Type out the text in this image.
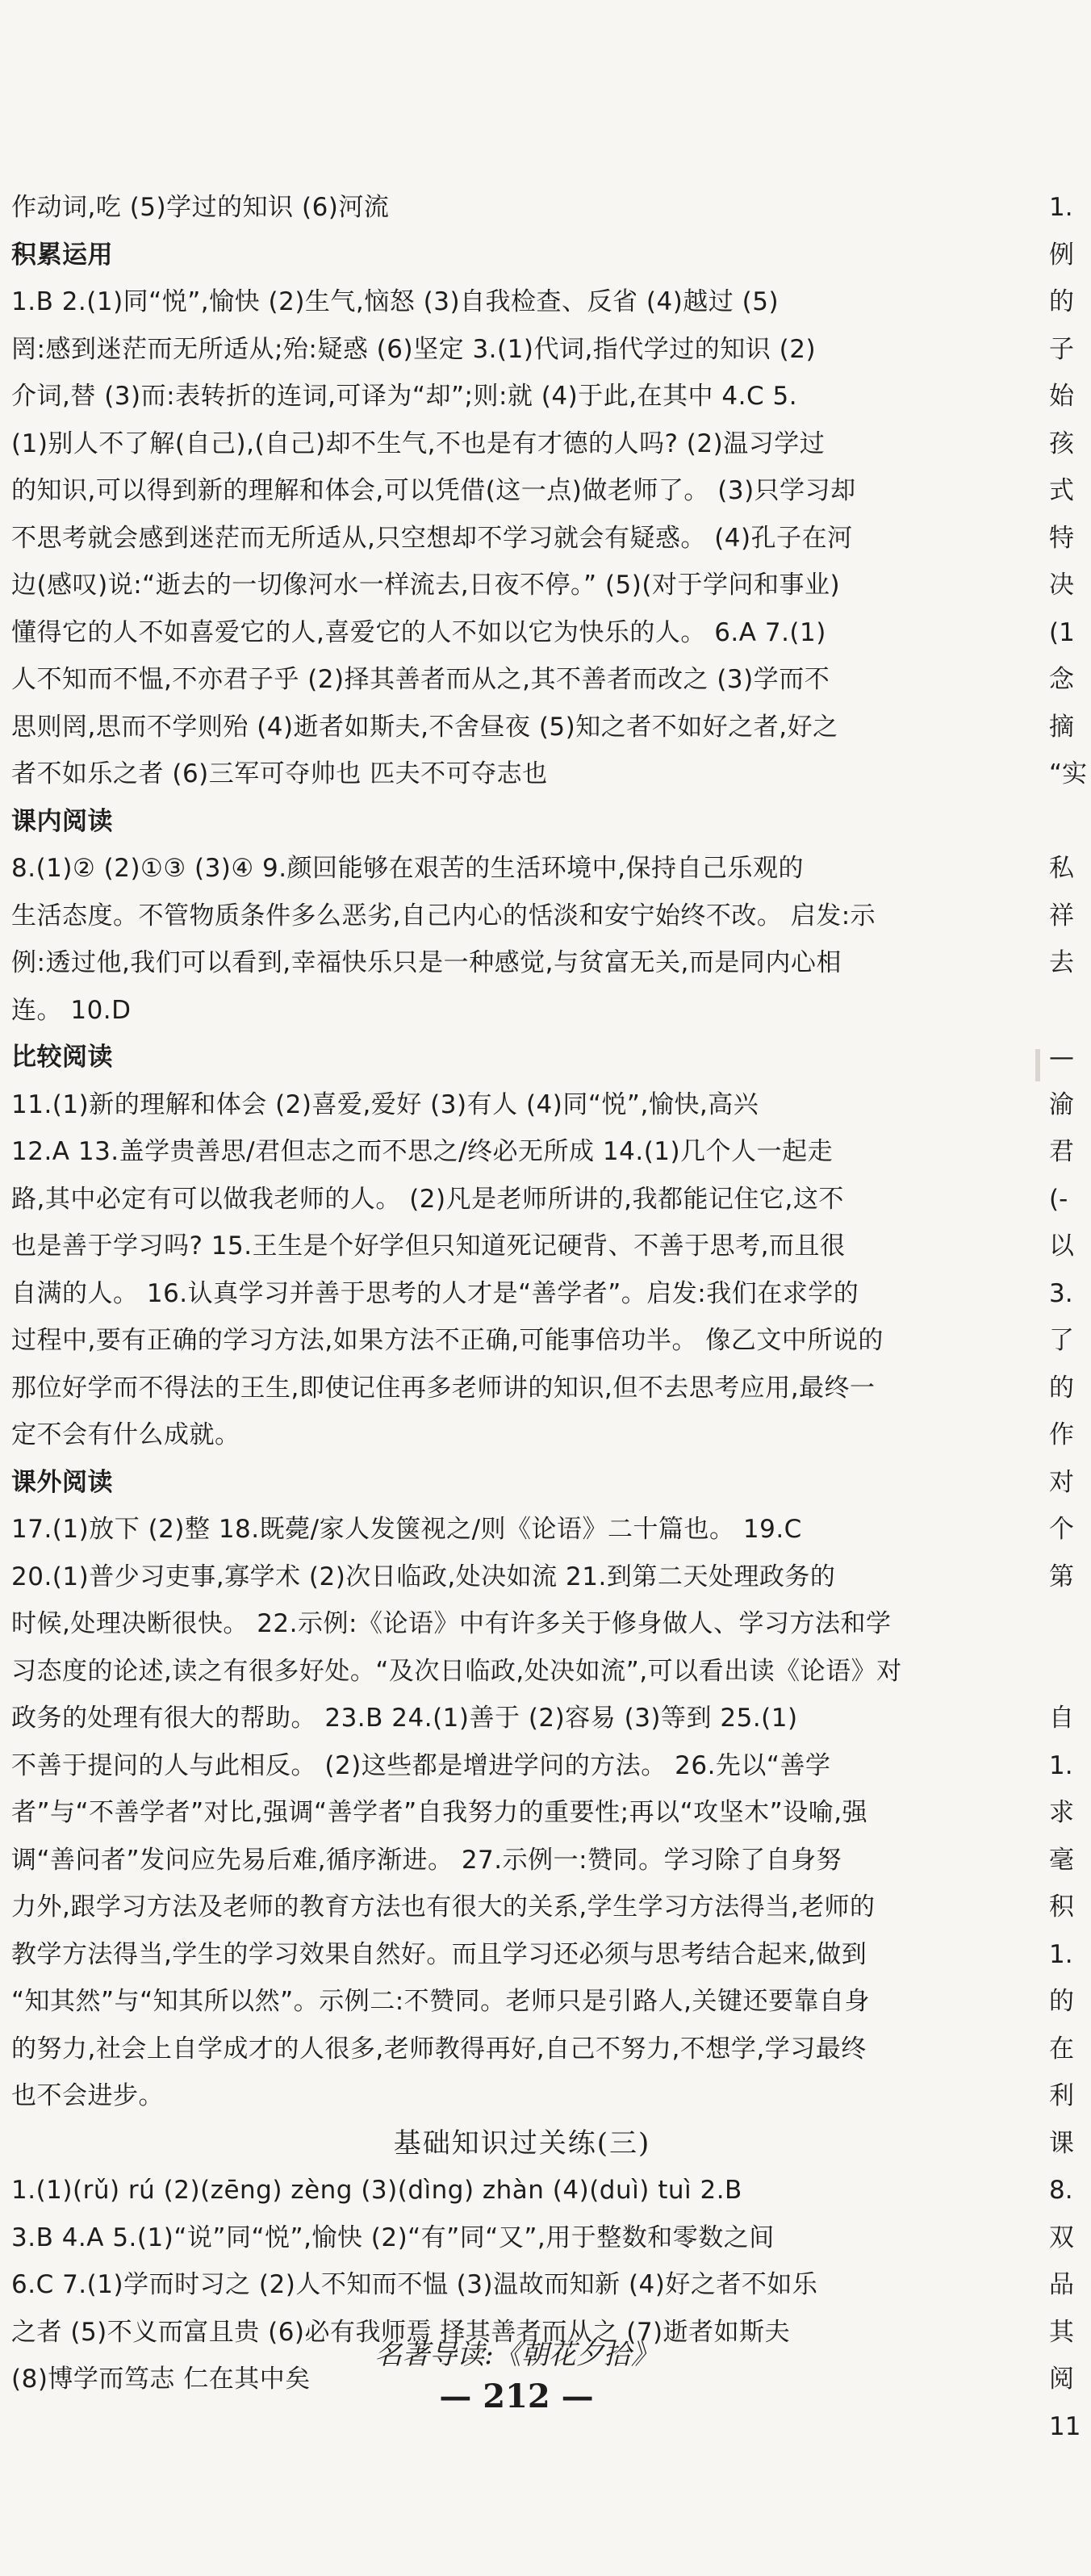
作动词,吃 (5)学过的知识 (6)河流
积累运用
1.B 2.(1)同“悦”,愉快 (2)生气,恼怒 (3)自我检查、反省 (4)越过 (5)
罔:感到迷茫而无所适从;殆:疑惑 (6)坚定 3.(1)代词,指代学过的知识 (2)
介词,替 (3)而:表转折的连词,可译为“却”;则:就 (4)于此,在其中 4.C 5.
(1)别人不了解(自己),(自己)却不生气,不也是有才德的人吗? (2)温习学过
的知识,可以得到新的理解和体会,可以凭借(这一点)做老师了。 (3)只学习却
不思考就会感到迷茫而无所适从,只空想却不学习就会有疑惑。 (4)孔子在河
边(感叹)说:“逝去的一切像河水一样流去,日夜不停。” (5)(对于学问和事业)
懂得它的人不如喜爱它的人,喜爱它的人不如以它为快乐的人。 6.A 7.(1)
人不知而不愠,不亦君子乎 (2)择其善者而从之,其不善者而改之 (3)学而不
思则罔,思而不学则殆 (4)逝者如斯夫,不舍昼夜 (5)知之者不如好之者,好之
者不如乐之者 (6)三军可夺帅也 匹夫不可夺志也
课内阅读
8.(1)② (2)①③ (3)④ 9.颜回能够在艰苦的生活环境中,保持自己乐观的
生活态度。不管物质条件多么恶劣,自己内心的恬淡和安宁始终不改。 启发:示
例:透过他,我们可以看到,幸福快乐只是一种感觉,与贫富无关,而是同内心相
连。 10.D
比较阅读
11.(1)新的理解和体会 (2)喜爱,爱好 (3)有人 (4)同“悦”,愉快,高兴
12.A 13.盖学贵善思/君但志之而不思之/终必无所成 14.(1)几个人一起走
路,其中必定有可以做我老师的人。 (2)凡是老师所讲的,我都能记住它,这不
也是善于学习吗? 15.王生是个好学但只知道死记硬背、不善于思考,而且很
自满的人。 16.认真学习并善于思考的人才是“善学者”。启发:我们在求学的
过程中,要有正确的学习方法,如果方法不正确,可能事倍功半。 像乙文中所说的
那位好学而不得法的王生,即使记住再多老师讲的知识,但不去思考应用,最终一
定不会有什么成就。
课外阅读
17.(1)放下 (2)整 18.既薨/家人发箧视之/则《论语》二十篇也。 19.C
20.(1)普少习吏事,寡学术 (2)次日临政,处决如流 21.到第二天处理政务的
时候,处理决断很快。 22.示例:《论语》中有许多关于修身做人、学习方法和学
习态度的论述,读之有很多好处。“及次日临政,处决如流”,可以看出读《论语》对
政务的处理有很大的帮助。 23.B 24.(1)善于 (2)容易 (3)等到 25.(1)
不善于提问的人与此相反。 (2)这些都是增进学问的方法。 26.先以“善学
者”与“不善学者”对比,强调“善学者”自我努力的重要性;再以“攻坚木”设喻,强
调“善问者”发问应先易后难,循序渐进。 27.示例一:赞同。学习除了自身努
力外,跟学习方法及老师的教育方法也有很大的关系,学生学习方法得当,老师的
教学方法得当,学生的学习效果自然好。而且学习还必须与思考结合起来,做到
“知其然”与“知其所以然”。示例二:不赞同。老师只是引路人,关键还要靠自身
的努力,社会上自学成才的人很多,老师教得再好,自己不努力,不想学,学习最终
也不会进步。
基础知识过关练(三)
1.(1)(rǔ) rú (2)(zēng) zèng (3)(dìng) zhàn (4)(duì) tuì 2.B
3.B 4.A 5.(1)“说”同“悦”,愉快 (2)“有”同“又”,用于整数和零数之间
6.C 7.(1)学而时习之 (2)人不知而不愠 (3)温故而知新 (4)好之者不如乐
之者 (5)不义而富且贵 (6)必有我师焉 择其善者而从之 (7)逝者如斯夫
(8)博学而笃志 仁在其中矣
名著导读:《朝花夕拾》
— 212 —
1.
例
的
子
始
孩
式
特
决
(1
念
摘
“实
私
祥
去
—
渝
君
(-
以
3.
了
的
作
对
个
第
自
1.
求
毫
积
1.
的
在
利
课
8.
双
品
其
阅
11
